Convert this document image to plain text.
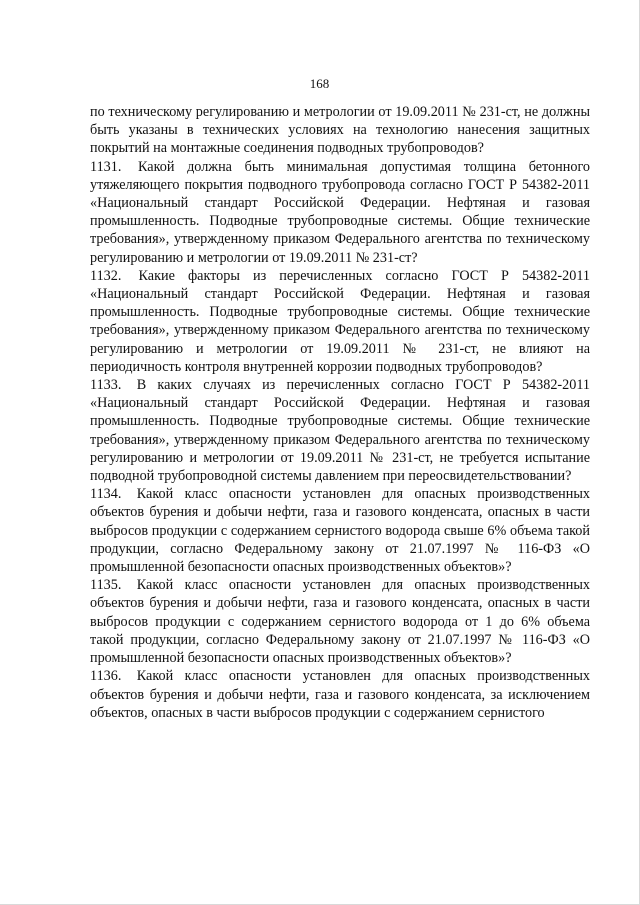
168

по техническому регулированию и метрологии от 19.09.2011 № 231-ст, не должны быть указаны в технических условиях на технологию нанесения защитных покрытий на монтажные соединения подводных трубопроводов?

1131. Какой должна быть минимальная допустимая толщина бетонного утяжеляющего покрытия подводного трубопровода согласно ГОСТ Р 54382-2011 «Национальный стандарт Российской Федерации. Нефтяная и газовая промышленность. Подводные трубопроводные системы. Общие технические требования», утвержденному приказом Федерального агентства по техническому регулированию и метрологии от 19.09.2011 № 231-ст?

1132. Какие факторы из перечисленных согласно ГОСТ Р 54382-2011 «Национальный стандарт Российской Федерации. Нефтяная и газовая промышленность. Подводные трубопроводные системы. Общие технические требования», утвержденному приказом Федерального агентства по техническому регулированию и метрологии от 19.09.2011 № 231-ст, не влияют на периодичность контроля внутренней коррозии подводных трубопроводов?

1133. В каких случаях из перечисленных согласно ГОСТ Р 54382-2011 «Национальный стандарт Российской Федерации. Нефтяная и газовая промышленность. Подводные трубопроводные системы. Общие технические требования», утвержденному приказом Федерального агентства по техническому регулированию и метрологии от 19.09.2011 № 231-ст, не требуется испытание подводной трубопроводной системы давлением при переосвидетельствовании?

1134. Какой класс опасности установлен для опасных производственных объектов бурения и добычи нефти, газа и газового конденсата, опасных в части выбросов продукции с содержанием сернистого водорода свыше 6% объема такой продукции, согласно Федеральному закону от 21.07.1997 № 116-ФЗ «О промышленной безопасности опасных производственных объектов»?

1135. Какой класс опасности установлен для опасных производственных объектов бурения и добычи нефти, газа и газового конденсата, опасных в части выбросов продукции с содержанием сернистого водорода от 1 до 6% объема такой продукции, согласно Федеральному закону от 21.07.1997 № 116-ФЗ «О промышленной безопасности опасных производственных объектов»?

1136. Какой класс опасности установлен для опасных производственных объектов бурения и добычи нефти, газа и газового конденсата, за исключением объектов, опасных в части выбросов продукции с содержанием сернистого
